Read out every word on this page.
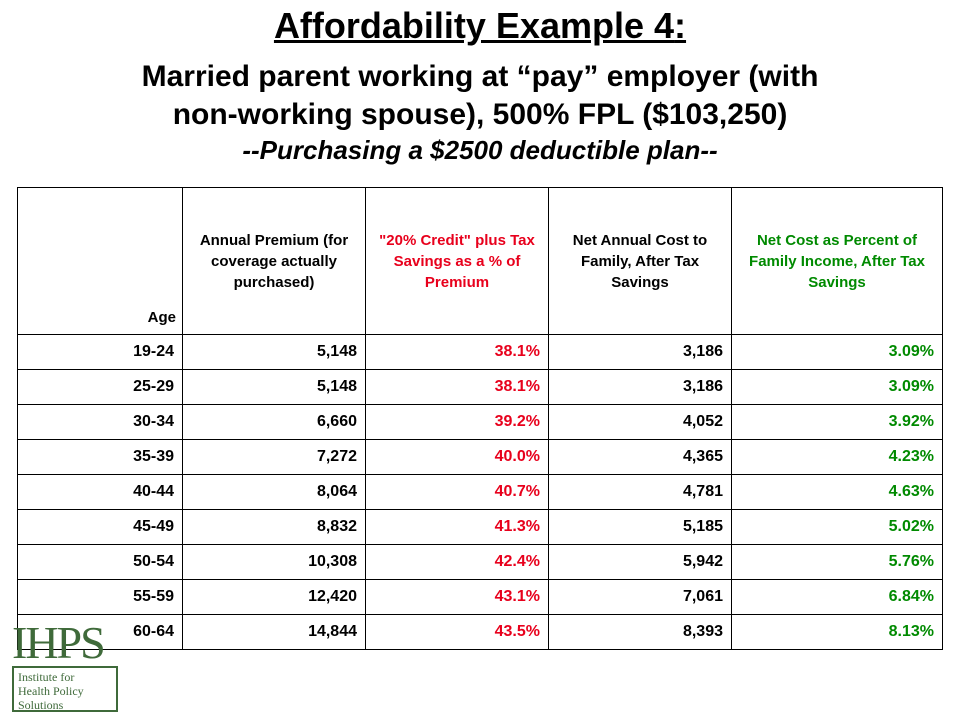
Affordability Example 4:
Married parent working at “pay” employer (with
non-working spouse), 500% FPL ($103,250)
--Purchasing a $2500 deductible plan--
Age	Annual Premium (for coverage actually purchased)	"20% Credit" plus Tax Savings as a % of Premium	Net Annual Cost to Family, After Tax Savings	Net Cost as Percent of Family Income, After Tax Savings
19-24	5,148	38.1%	3,186	3.09%
25-29	5,148	38.1%	3,186	3.09%
30-34	6,660	39.2%	4,052	3.92%
35-39	7,272	40.0%	4,365	4.23%
40-44	8,064	40.7%	4,781	4.63%
45-49	8,832	41.3%	5,185	5.02%
50-54	10,308	42.4%	5,942	5.76%
55-59	12,420	43.1%	7,061	6.84%
60-64	14,844	43.5%	8,393	8.13%
IHPS
Institute for
Health Policy
Solutions
